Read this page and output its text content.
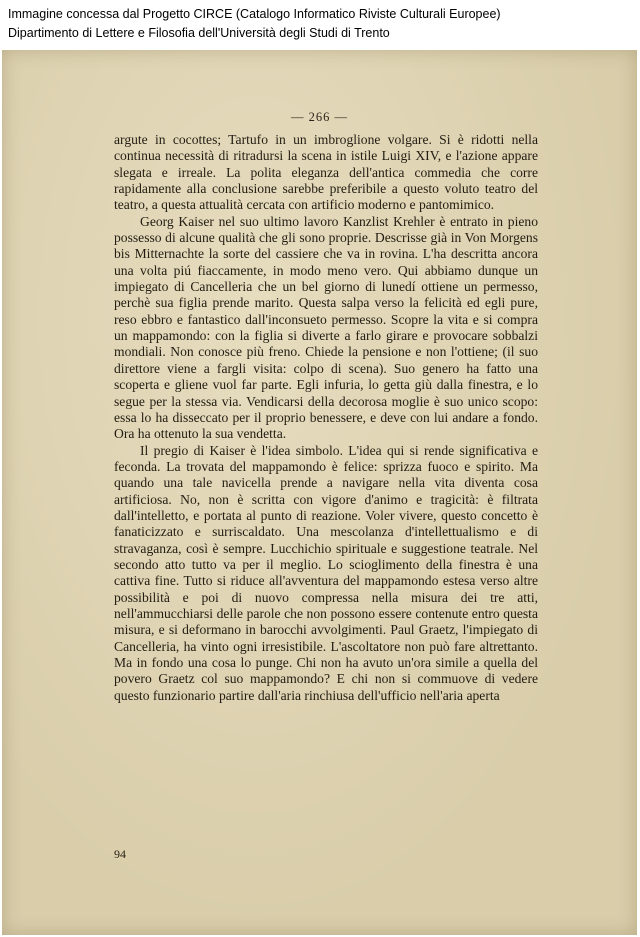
Immagine concessa dal Progetto CIRCE (Catalogo Informatico Riviste Culturali Europee)
Dipartimento di Lettere e Filosofia dell'Università degli Studi di Trento
— 266 —

argute in cocottes; Tartufo in un imbroglione volgare. Si è ridotti nella continua necessità di ritradursi la scena in istile Luigi XIV, e l'azione appare slegata e irreale. La polita eleganza dell'antica commedia che corre rapidamente alla conclusione sarebbe preferibile a questo voluto teatro del teatro, a questa attualità cercata con artificio moderno e pantomimico.

Georg Kaiser nel suo ultimo lavoro Kanzlist Krehler è entrato in pieno possesso di alcune qualità che gli sono proprie. Descrisse già in Von Morgens bis Mitternachte la sorte del cassiere che va in rovina. L'ha descritta ancora una volta piú fiaccamente, in modo meno vero. Qui abbiamo dunque un impiegato di Cancelleria che un bel giorno di lunedí ottiene un permesso, perchè sua figlia prende marito. Questa salpa verso la felicità ed egli pure, reso ebbro e fantastico dall'inconsueto permesso. Scopre la vita e si compra un mappamondo: con la figlia si diverte a farlo girare e provocare sobbalzi mondiali. Non conosce più freno. Chiede la pensione e non l'ottiene; (il suo direttore viene a fargli visita: colpo di scena). Suo genero ha fatto una scoperta e gliene vuol far parte. Egli infuria, lo getta giù dalla finestra, e lo segue per la stessa via. Vendicarsi della decorosa moglie è suo unico scopo: essa lo ha disseccato per il proprio benessere, e deve con lui andare a fondo. Ora ha ottenuto la sua vendetta.

Il pregio di Kaiser è l'idea simbolo. L'idea qui si rende significativa e feconda. La trovata del mappamondo è felice: sprizza fuoco e spirito. Ma quando una tale navicella prende a navigare nella vita diventa cosa artificiosa. No, non è scritta con vigore d'animo e tragicità: è filtrata dall'intelletto, e portata al punto di reazione. Voler vivere, questo concetto è fanaticizzato e surriscaldato. Una mescolanza d'intellettualismo e di stravaganza, così è sempre. Lucchichio spirituale e suggestione teatrale. Nel secondo atto tutto va per il meglio. Lo scioglimento della finestra è una cattiva fine. Tutto si riduce all'avventura del mappamondo estesa verso altre possibilità e poi di nuovo compressa nella misura dei tre atti, nell'ammucchiarsi delle parole che non possono essere contenute entro questa misura, e si deformano in barocchi avvolgimenti. Paul Graetz, l'impiegato di Cancelleria, ha vinto ogni irresistibile. L'ascoltatore non può fare altrettanto. Ma in fondo una cosa lo punge. Chi non ha avuto un'ora simile a quella del povero Graetz col suo mappamondo? E chi non si commuove di vedere questo funzionario partire dall'aria rinchiusa dell'ufficio nell'aria aperta

94
